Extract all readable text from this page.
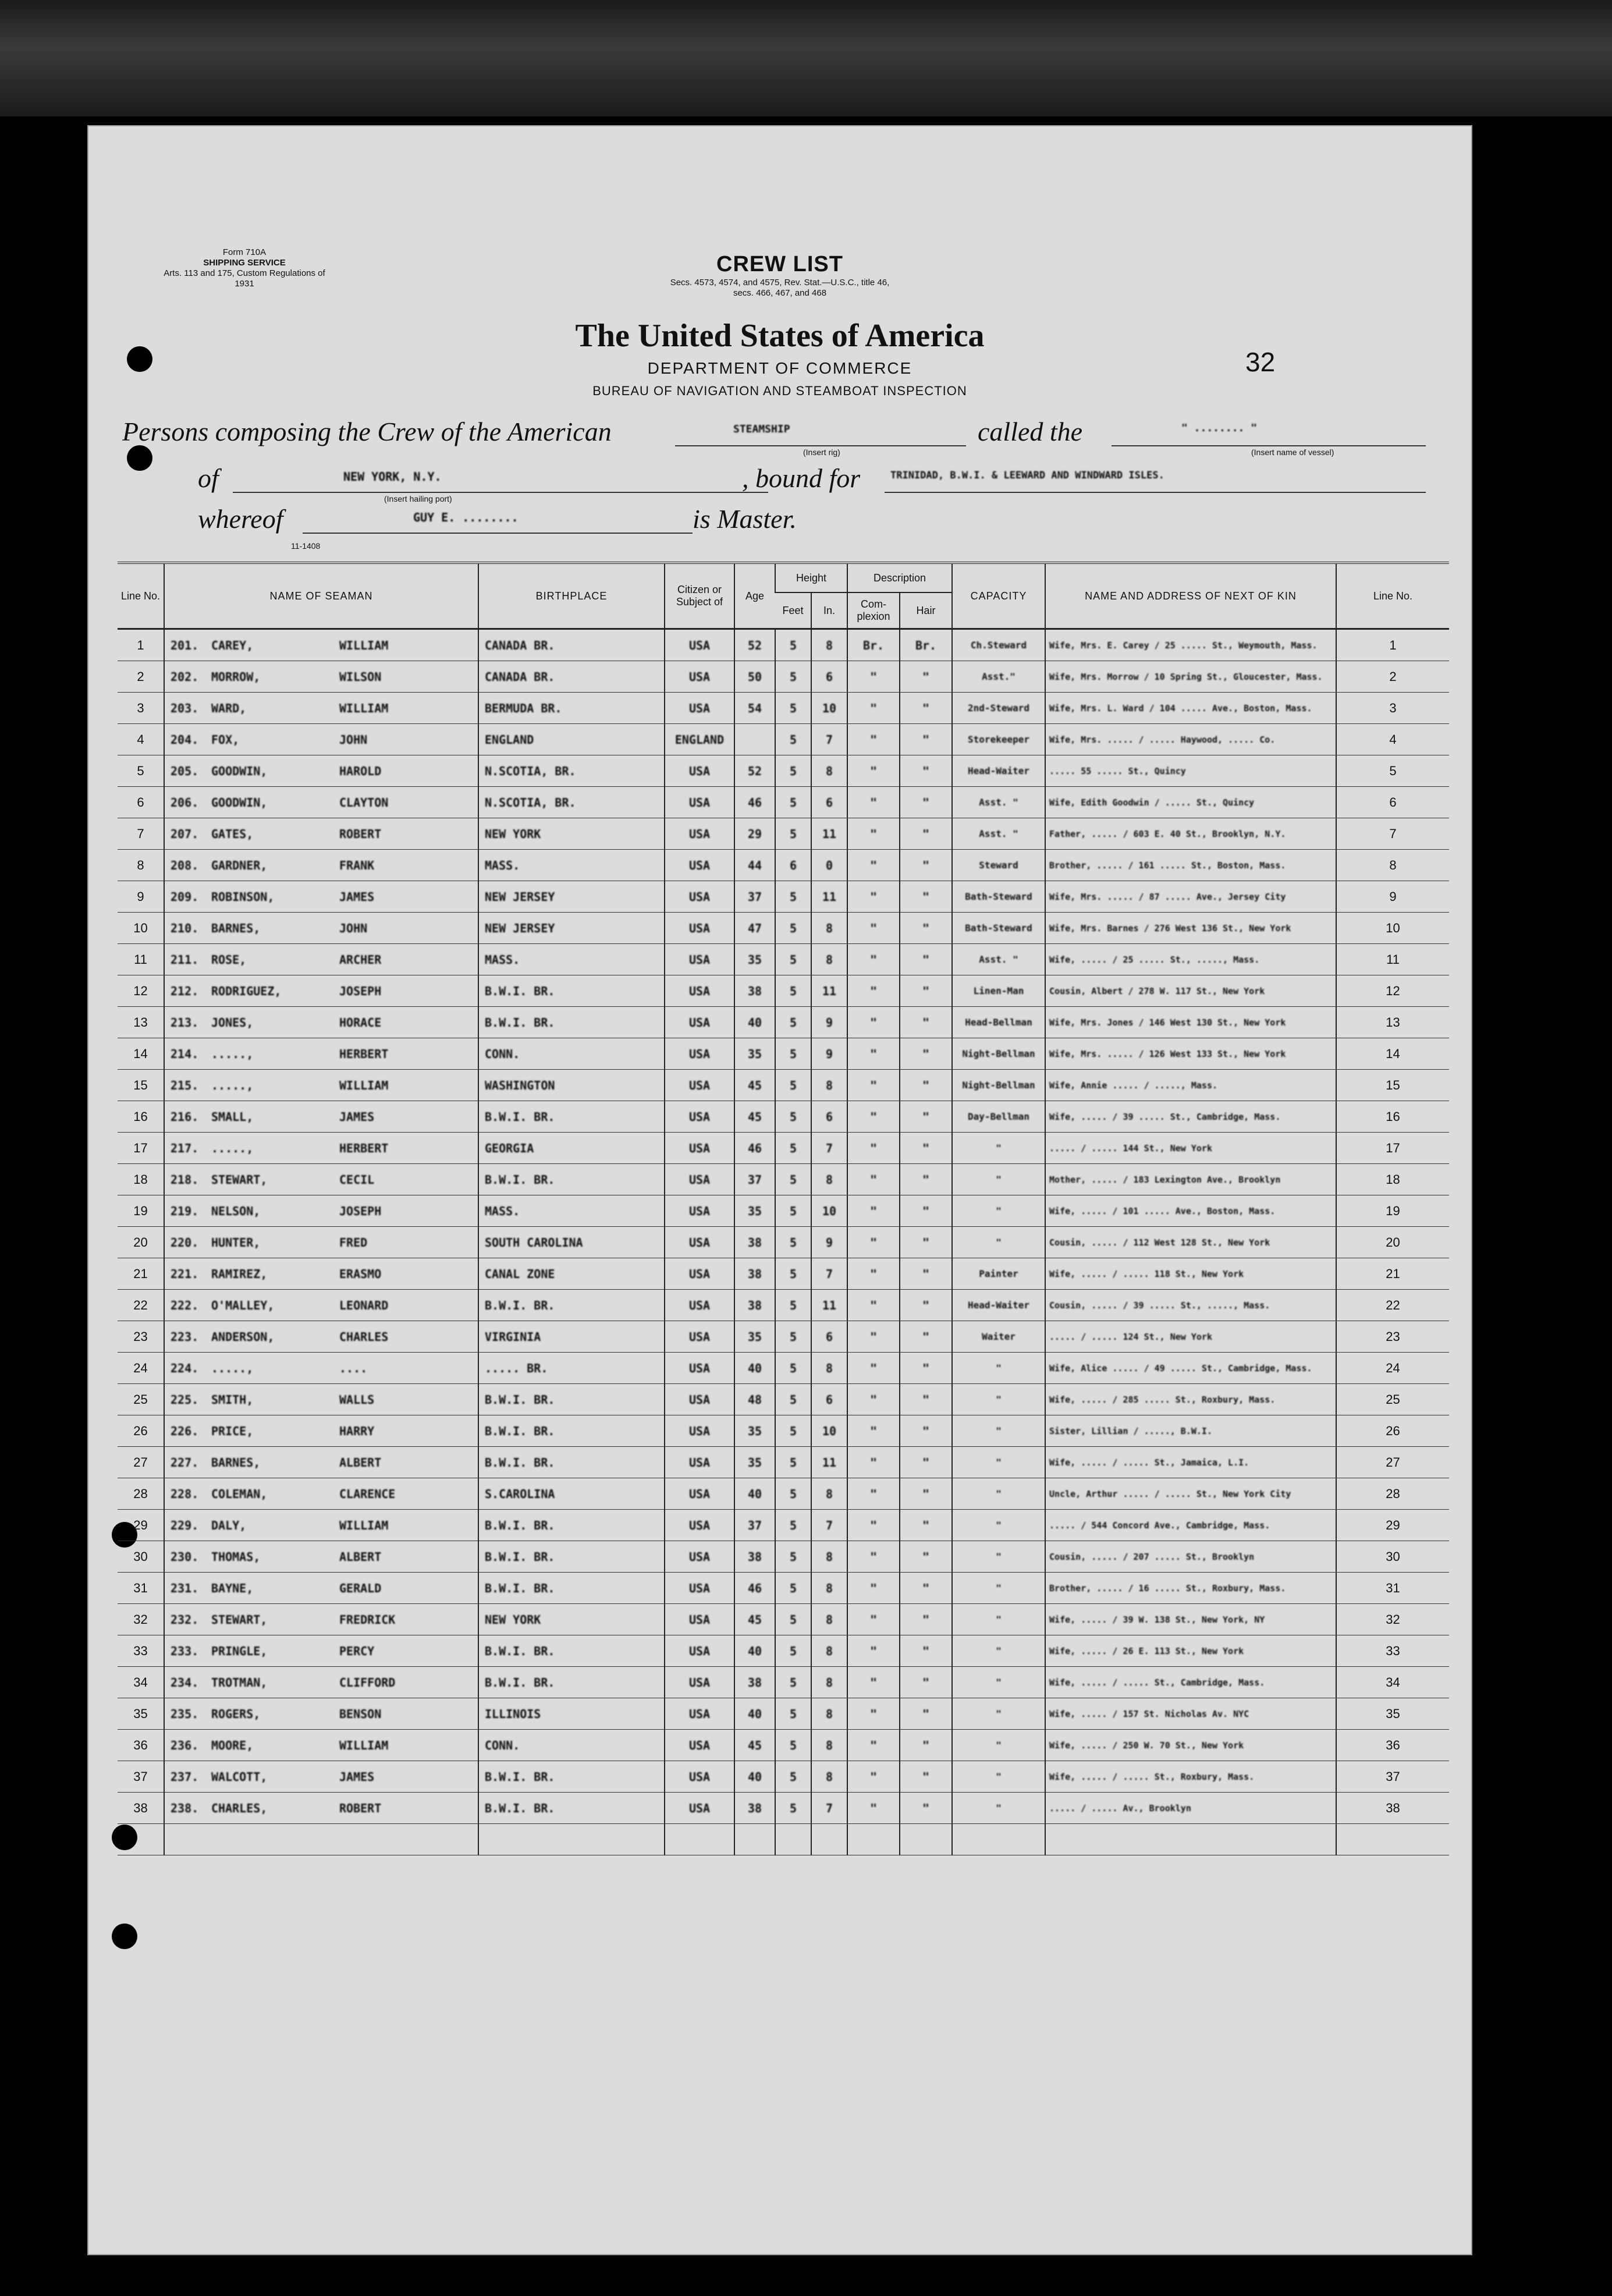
Form 710A
SHIPPING SERVICE
Arts. 113 and 175, Custom Regulations of 1931
CREW LIST
Secs. 4573, 4574, and 4575, Rev. Stat.—U.S.C., title 46,
secs. 466, 467, and 468
The United States of America
DEPARTMENT OF COMMERCE
BUREAU OF NAVIGATION AND STEAMBOAT INSPECTION
32
Persons composing the Crew of the American	STEAMSHIP
(Insert rig)
called the	" ........ "
(Insert name of vessel)
of	NEW YORK, N.Y.
(Insert hailing port)
, bound for	TRINIDAD, B.W.I. & LEEWARD AND WINDWARD ISLES.
whereof	GUY E. ........	is Master.
11-1408
Line No.	NAME OF SEAMAN	BIRTHPLACE	Citizen or Subject of	Age	Height		Description		CAPACITY	NAME AND ADDRESS OF NEXT OF KIN	Line No.
					Feet	In.	Com-plexion	Hair			
1	201. CAREY, WILLIAM	CANADA BR.	USA	52	5	8	Br.	Br.	Ch.Steward	Wife, Mrs. E. Carey / 25 ..... St., Weymouth, Mass.	1
2	202. MORROW, WILSON	CANADA BR.	USA	50	5	6	"	"	Asst."	Wife, Mrs. Morrow / 10 Spring St., Gloucester, Mass.	2
3	203. WARD, WILLIAM	BERMUDA BR.	USA	54	5	10	"	"	2nd-Steward	Wife, Mrs. L. Ward / 104 ..... Ave., Boston, Mass.	3
4	204. FOX, JOHN	ENGLAND	ENGLAND		5	7	"	"	Storekeeper	Wife, Mrs. ..... / ..... Haywood, ..... Co.	4
5	205. GOODWIN, HAROLD	N.SCOTIA, BR.	USA	52	5	8	"	"	Head-Waiter	..... 55 ..... St., Quincy	5
6	206. GOODWIN, CLAYTON	N.SCOTIA, BR.	USA	46	5	6	"	"	Asst. "	Wife, Edith Goodwin / ..... St., Quincy	6
7	207. GATES, ROBERT	NEW YORK	USA	29	5	11	"	"	Asst. "	Father, ..... / 603 E. 40 St., Brooklyn, N.Y.	7
8	208. GARDNER, FRANK	MASS.	USA	44	6	0	"	"	Steward	Brother, ..... / 161 ..... St., Boston, Mass.	8
9	209. ROBINSON, JAMES	NEW JERSEY	USA	37	5	11	"	"	Bath-Steward	Wife, Mrs. ..... / 87 ..... Ave., Jersey City	9
10	210. BARNES, JOHN	NEW JERSEY	USA	47	5	8	"	"	Bath-Steward	Wife, Mrs. Barnes / 276 West 136 St., New York	10
11	211. ROSE, ARCHER	MASS.	USA	35	5	8	"	"	Asst. "	Wife, ..... / 25 ..... St., ....., Mass.	11
12	212. RODRIGUEZ, JOSEPH	B.W.I. BR.	USA	38	5	11	"	"	Linen-Man	Cousin, Albert / 278 W. 117 St., New York	12
13	213. JONES, HORACE	B.W.I. BR.	USA	40	5	9	"	"	Head-Bellman	Wife, Mrs. Jones / 146 West 130 St., New York	13
14	214. ....., HERBERT	CONN.	USA	35	5	9	"	"	Night-Bellman	Wife, Mrs. ..... / 126 West 133 St., New York	14
15	215. ....., WILLIAM	WASHINGTON	USA	45	5	8	"	"	Night-Bellman	Wife, Annie ..... / ....., Mass.	15
16	216. SMALL, JAMES	B.W.I. BR.	USA	45	5	6	"	"	Day-Bellman	Wife, ..... / 39 ..... St., Cambridge, Mass.	16
17	217. ....., HERBERT	GEORGIA	USA	46	5	7	"	"	"	..... / ..... 144 St., New York	17
18	218. STEWART, CECIL	B.W.I. BR.	USA	37	5	8	"	"	"	Mother, ..... / 183 Lexington Ave., Brooklyn	18
19	219. NELSON, JOSEPH	MASS.	USA	35	5	10	"	"	"	Wife, ..... / 101 ..... Ave., Boston, Mass.	19
20	220. HUNTER, FRED	SOUTH CAROLINA	USA	38	5	9	"	"	"	Cousin, ..... / 112 West 128 St., New York	20
21	221. RAMIREZ, ERASMO	CANAL ZONE	USA	38	5	7	"	"	Painter	Wife, ..... / ..... 118 St., New York	21
22	222. O'MALLEY, LEONARD	B.W.I. BR.	USA	38	5	11	"	"	Head-Waiter	Cousin, ..... / 39 ..... St., ....., Mass.	22
23	223. ANDERSON, CHARLES	VIRGINIA	USA	35	5	6	"	"	Waiter	..... / ..... 124 St., New York	23
24	224. ....., ....	..... BR.	USA	40	5	8	"	"	"	Wife, Alice ..... / 49 ..... St., Cambridge, Mass.	24
25	225. SMITH, WALLS	B.W.I. BR.	USA	48	5	6	"	"	"	Wife, ..... / 285 ..... St., Roxbury, Mass.	25
26	226. PRICE, HARRY	B.W.I. BR.	USA	35	5	10	"	"	"	Sister, Lillian / ....., B.W.I.	26
27	227. BARNES, ALBERT	B.W.I. BR.	USA	35	5	11	"	"	"	Wife, ..... / ..... St., Jamaica, L.I.	27
28	228. COLEMAN, CLARENCE	S.CAROLINA	USA	40	5	8	"	"	"	Uncle, Arthur ..... / ..... St., New York City	28
29	229. DALY, WILLIAM	B.W.I. BR.	USA	37	5	7	"	"	"	..... / 544 Concord Ave., Cambridge, Mass.	29
30	230. THOMAS, ALBERT	B.W.I. BR.	USA	38	5	8	"	"	"	Cousin, ..... / 207 ..... St., Brooklyn	30
31	231. BAYNE, GERALD	B.W.I. BR.	USA	46	5	8	"	"	"	Brother, ..... / 16 ..... St., Roxbury, Mass.	31
32	232. STEWART, FREDRICK	NEW YORK	USA	45	5	8	"	"	"	Wife, ..... / 39 W. 138 St., New York, NY	32
33	233. PRINGLE, PERCY	B.W.I. BR.	USA	40	5	8	"	"	"	Wife, ..... / 26 E. 113 St., New York	33
34	234. TROTMAN, CLIFFORD	B.W.I. BR.	USA	38	5	8	"	"	"	Wife, ..... / ..... St., Cambridge, Mass.	34
35	235. ROGERS, BENSON	ILLINOIS	USA	40	5	8	"	"	"	Wife, ..... / 157 St. Nicholas Av. NYC	35
36	236. MOORE, WILLIAM	CONN.	USA	45	5	8	"	"	"	Wife, ..... / 250 W. 70 St., New York	36
37	237. WALCOTT, JAMES	B.W.I. BR.	USA	40	5	8	"	"	"	Wife, ..... / ..... St., Roxbury, Mass.	37
38	238. CHARLES, ROBERT	B.W.I. BR.	USA	38	5	7	"	"	"	..... / ..... Av., Brooklyn	38
